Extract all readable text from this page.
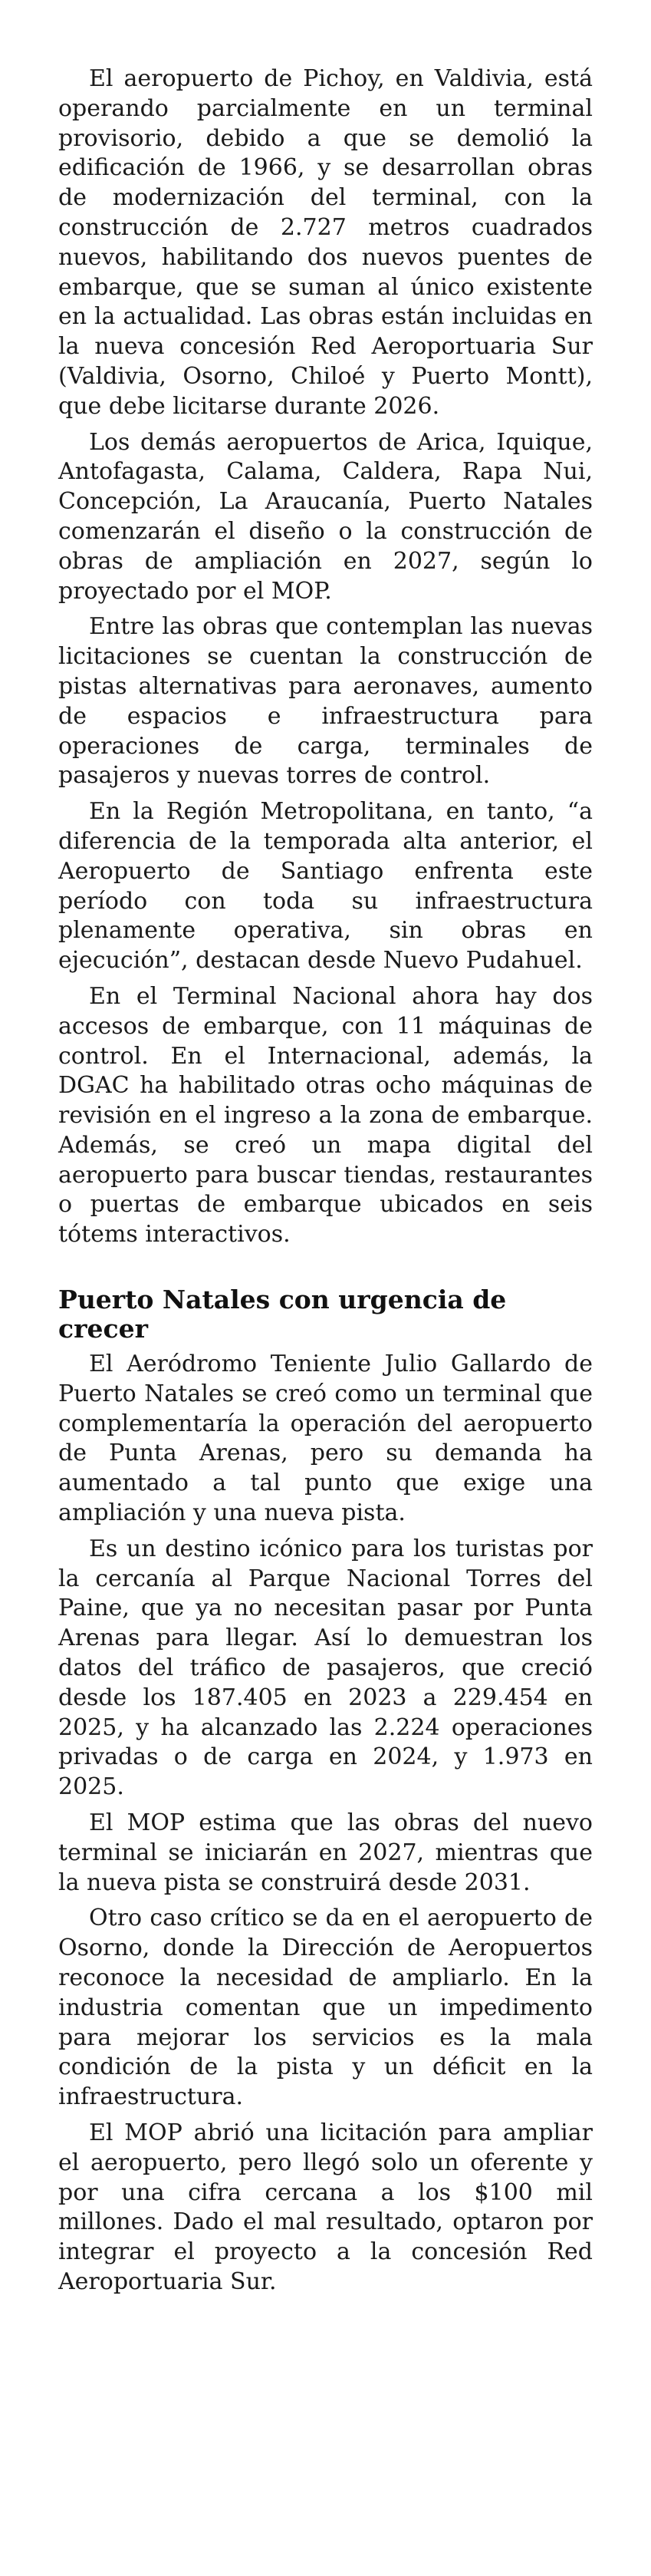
El aeropuerto de Pichoy, en Valdivia, está operando parcialmente en un terminal provisorio, debido a que se demolió la edificación de 1966, y se desarrollan obras de modernización del terminal, con la construcción de 2.727 metros cuadrados nuevos, habilitando dos nuevos puentes de embarque, que se suman al único existente en la actualidad. Las obras están incluidas en la nueva concesión Red Aeroportuaria Sur (Valdivia, Osorno, Chiloé y Puerto Montt), que debe licitarse durante 2026.

Los demás aeropuertos de Arica, Iquique, Antofagasta, Calama, Caldera, Rapa Nui, Concepción, La Araucanía, Puerto Natales comenzarán el diseño o la construcción de obras de ampliación en 2027, según lo proyectado por el MOP.

Entre las obras que contemplan las nuevas licitaciones se cuentan la construcción de pistas alternativas para aeronaves, aumento de espacios e infraestructura para operaciones de carga, terminales de pasajeros y nuevas torres de control.

En la Región Metropolitana, en tanto, “a diferencia de la temporada alta anterior, el Aeropuerto de Santiago enfrenta este período con toda su infraestructura plenamente operativa, sin obras en ejecución”, destacan desde Nuevo Pudahuel.

En el Terminal Nacional ahora hay dos accesos de embarque, con 11 máquinas de control. En el Internacional, además, la DGAC ha habilitado otras ocho máquinas de revisión en el ingreso a la zona de embarque. Además, se creó un mapa digital del aeropuerto para buscar tiendas, restaurantes o puertas de embarque ubicados en seis tótems interactivos.

Puerto Natales con urgencia de crecer

El Aeródromo Teniente Julio Gallardo de Puerto Natales se creó como un terminal que complementaría la operación del aeropuerto de Punta Arenas, pero su demanda ha aumentado a tal punto que exige una ampliación y una nueva pista.

Es un destino icónico para los turistas por la cercanía al Parque Nacional Torres del Paine, que ya no necesitan pasar por Punta Arenas para llegar. Así lo demuestran los datos del tráfico de pasajeros, que creció desde los 187.405 en 2023 a 229.454 en 2025, y ha alcanzado las 2.224 operaciones privadas o de carga en 2024, y 1.973 en 2025.

El MOP estima que las obras del nuevo terminal se iniciarán en 2027, mientras que la nueva pista se construirá desde 2031.

Otro caso crítico se da en el aeropuerto de Osorno, donde la Dirección de Aeropuertos reconoce la necesidad de ampliarlo. En la industria comentan que un impedimento para mejorar los servicios es la mala condición de la pista y un déficit en la infraestructura.

El MOP abrió una licitación para ampliar el aeropuerto, pero llegó solo un oferente y por una cifra cercana a los $100 mil millones. Dado el mal resultado, optaron por integrar el proyecto a la concesión Red Aeroportuaria Sur.
